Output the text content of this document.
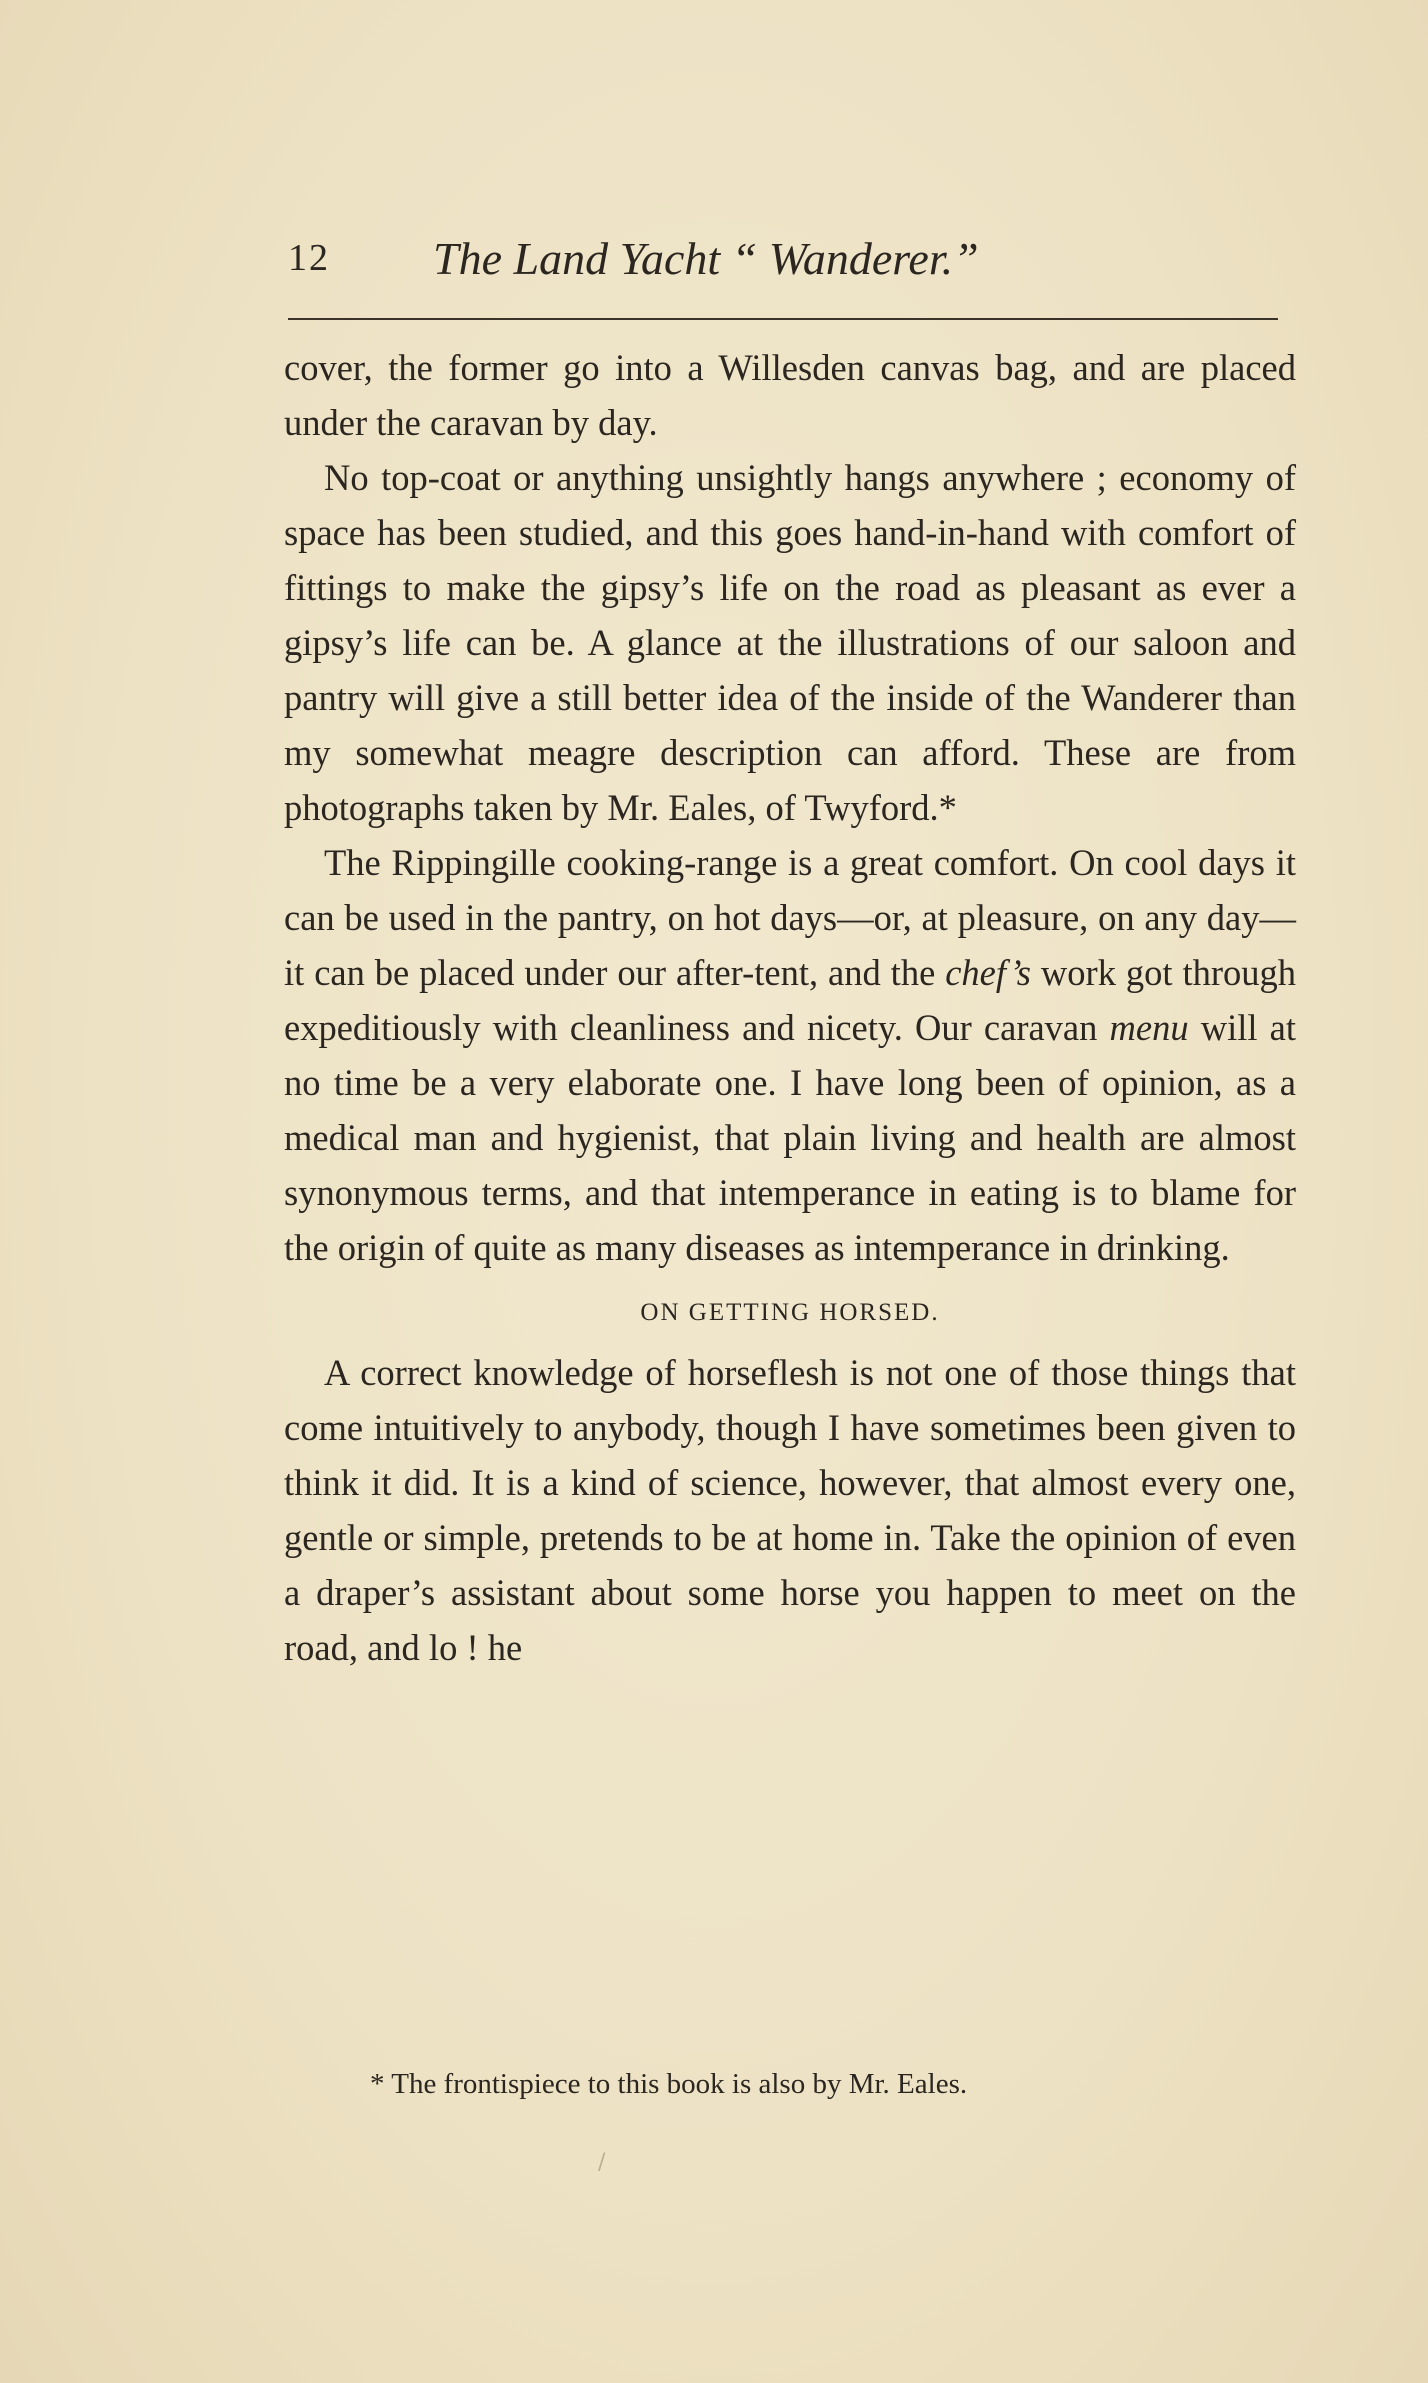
12 The Land Yacht “ Wanderer.”

cover, the former go into a Willesden canvas bag, and are placed under the caravan by day.

No top-coat or anything unsightly hangs anywhere ; economy of space has been studied, and this goes hand-in-hand with comfort of fittings to make the gipsy’s life on the road as pleasant as ever a gipsy’s life can be. A glance at the illustrations of our saloon and pantry will give a still better idea of the inside of the Wanderer than my somewhat meagre description can afford. These are from photographs taken by Mr. Eales, of Twyford.*

The Rippingille cooking-range is a great comfort. On cool days it can be used in the pantry, on hot days—or, at pleasure, on any day—it can be placed under our after-tent, and the chef’s work got through expeditiously with cleanliness and nicety. Our caravan menu will at no time be a very elaborate one. I have long been of opinion, as a medical man and hygienist, that plain living and health are almost synonymous terms, and that intemperance in eating is to blame for the origin of quite as many diseases as intemperance in drinking.

ON GETTING HORSED.

A correct knowledge of horseflesh is not one of those things that come intuitively to anybody, though I have sometimes been given to think it did. It is a kind of science, however, that almost every one, gentle or simple, pretends to be at home in. Take the opinion of even a draper’s assistant about some horse you happen to meet on the road, and lo ! he

* The frontispiece to this book is also by Mr. Eales.
/
